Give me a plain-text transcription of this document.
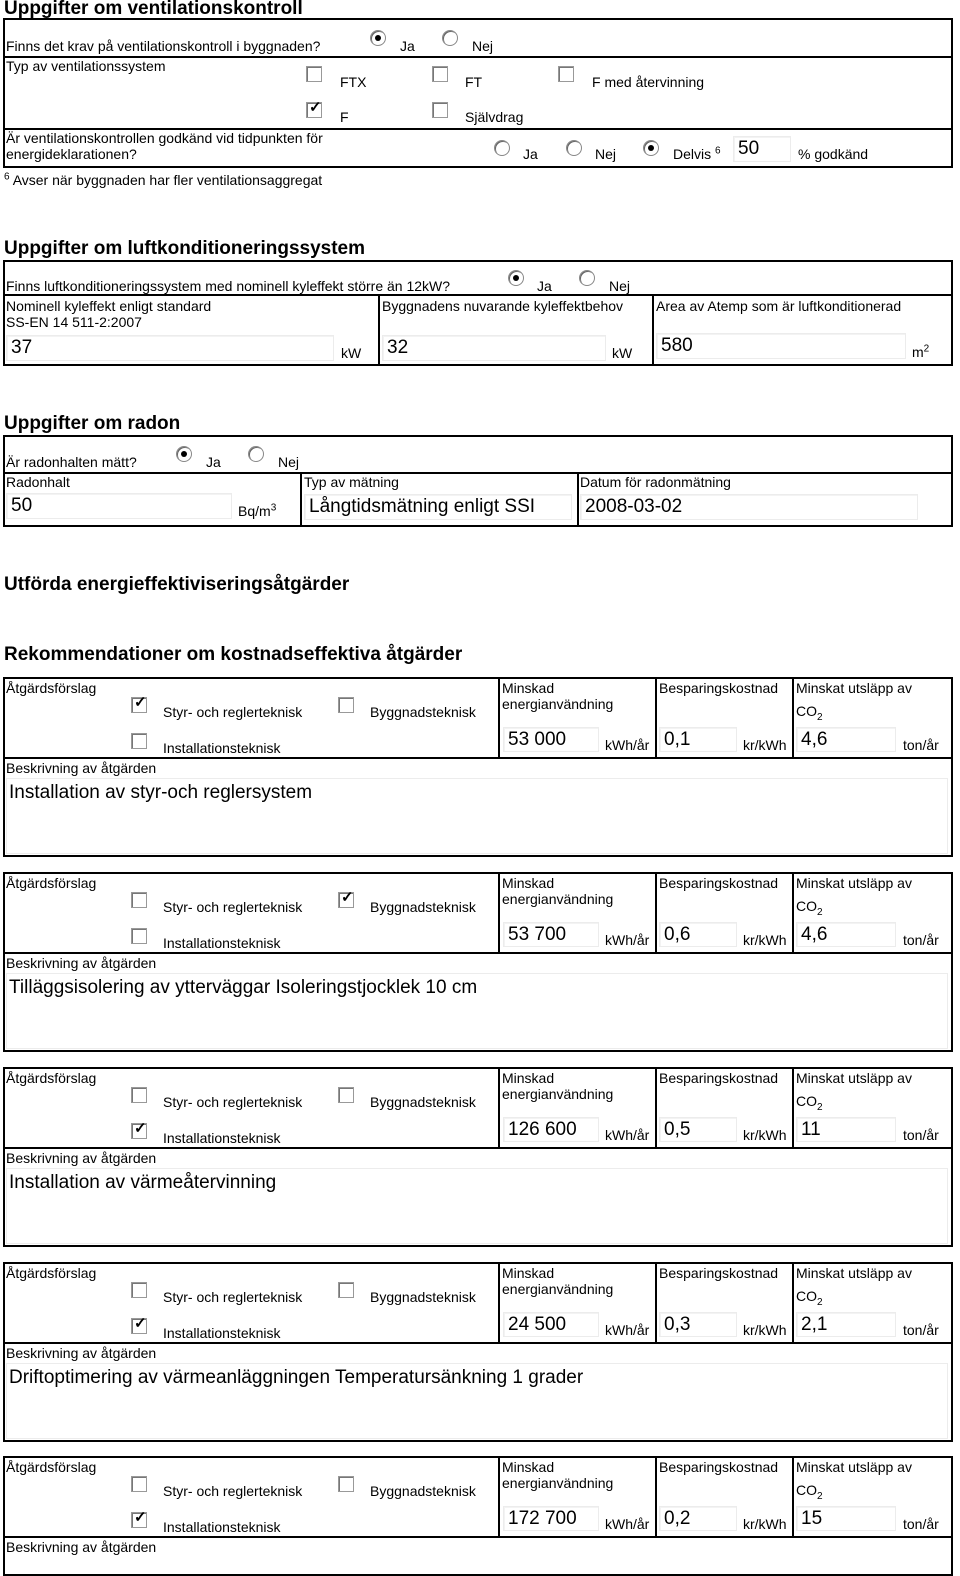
Uppgifter om ventilationskontroll
Finns det krav på ventilationskontroll i byggnaden?	Ja	Nej
Typ av ventilationssystem
FTX	FT	F med återvinning
✓
F	Självdrag
Är ventilationskontrollen godkänd vid tidpunkten för
energideklarationen?	Ja	Nej	Delvis $^6$ 50	% godkänd
$^6$ Avser när byggnaden har fler ventilationsaggregat
Uppgifter om luftkonditioneringssystem
Finns luftkonditioneringssystem med nominell kyleffekt större än 12kW?	Ja	Nej
Nominell kyleffekt enligt standard
SS-EN 14 511-2:2007
37	kW
Byggnadens nuvarande kyleffektbehov
32	kW
Area av Atemp som är luftkonditionerad
580	$m^2$
Uppgifter om radon
Är radonhalten mätt?	Ja	Nej
Radonhalt
50	$Bq/m^3$
Typ av mätning
Långtidsmätning enligt SSI
Datum för radonmätning
2008-03-02
Utförda energieffektiviseringsåtgärder
Rekommendationer om kostnadseffektiva åtgärder
Åtgärdsförslag
✓
Styr- och reglerteknisk	Byggnadsteknisk
Installationsteknisk
Minskad
energianvändning
53 000	kWh/år
Besparingskostnad
0,1	kr/kWh
Minskat utsläpp av
$CO_2$
4,6	ton/år
Beskrivning av åtgärden
Installation av styr-och reglersystem
Åtgärdsförslag
Styr- och reglerteknisk
✓
Byggnadsteknisk
Installationsteknisk
Minskad
energianvändning
53 700	kWh/år
Besparingskostnad
0,6	kr/kWh
Minskat utsläpp av
$CO_2$
4,6	ton/år
Beskrivning av åtgärden
Tilläggsisolering av ytterväggar Isoleringstjocklek 10 cm
Åtgärdsförslag
Styr- och reglerteknisk	Byggnadsteknisk
✓
Installationsteknisk
Minskad
energianvändning
126 600	kWh/år
Besparingskostnad
0,5	kr/kWh
Minskat utsläpp av
$CO_2$
11	ton/år
Beskrivning av åtgärden
Installation av värmeåtervinning
Åtgärdsförslag
Styr- och reglerteknisk	Byggnadsteknisk
✓
Installationsteknisk
Minskad
energianvändning
24 500	kWh/år
Besparingskostnad
0,3	kr/kWh
Minskat utsläpp av
$CO_2$
2,1	ton/år
Beskrivning av åtgärden
Driftoptimering av värmeanläggningen Temperatursänkning 1 grader
Åtgärdsförslag
Styr- och reglerteknisk	Byggnadsteknisk
✓
Installationsteknisk
Minskad
energianvändning
172 700	kWh/år
Besparingskostnad
0,2	kr/kWh
Minskat utsläpp av
$CO_2$
15	ton/år
Beskrivning av åtgärden
